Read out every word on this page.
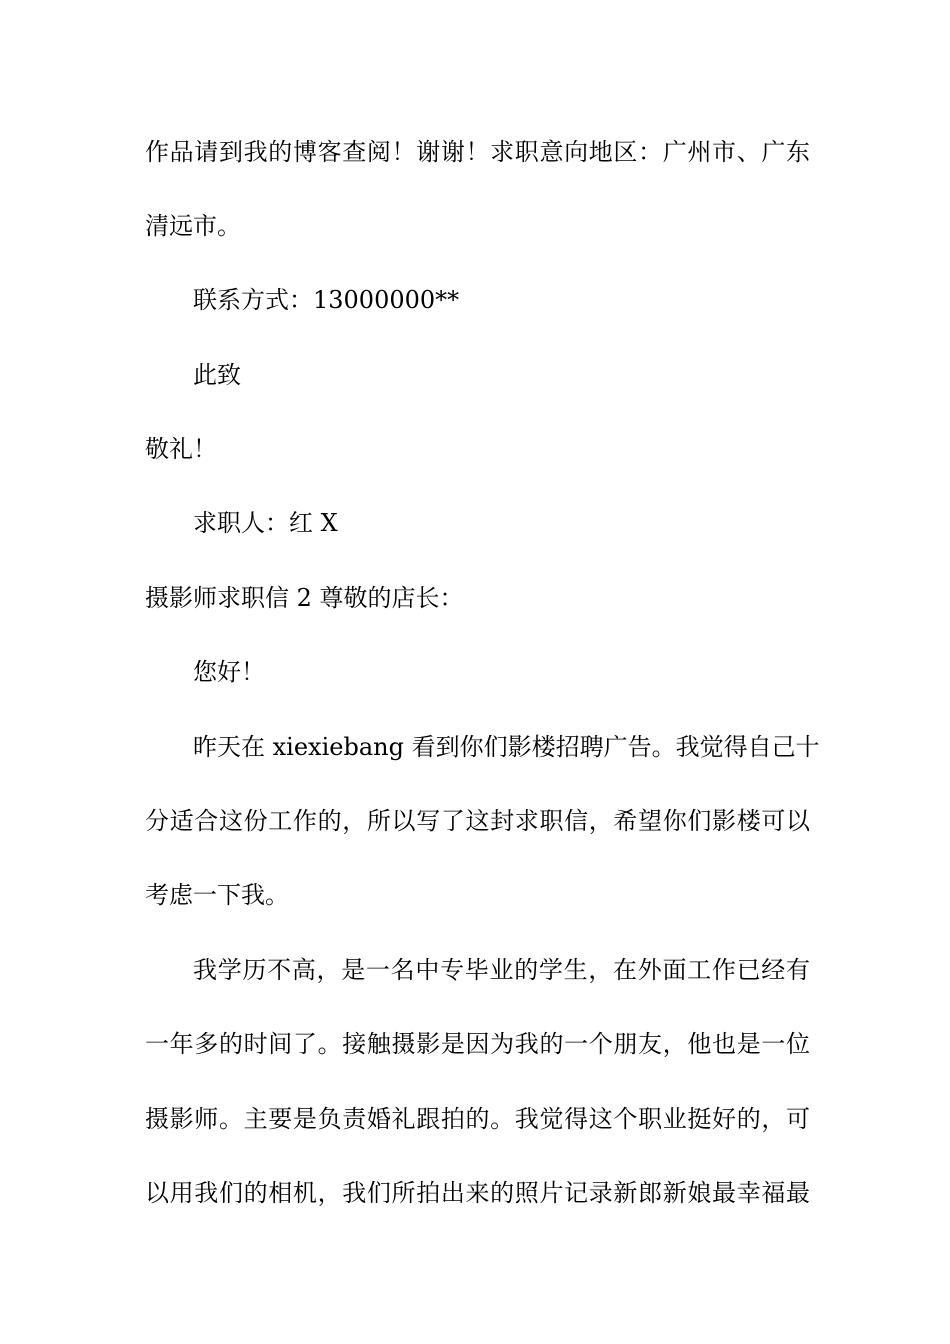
作品请到我的博客查阅！谢谢！求职意向地区：广州市、广东
清远市。
联系方式：13000000**
此致
敬礼！
求职人：红 X
摄影师求职信 2 尊敬的店长：
您好！
昨天在 xiexiebang 看到你们影楼招聘广告。我觉得自己十
分适合这份工作的，所以写了这封求职信，希望你们影楼可以
考虑一下我。
我学历不高，是一名中专毕业的学生，在外面工作已经有
一年多的时间了。接触摄影是因为我的一个朋友，他也是一位
摄影师。主要是负责婚礼跟拍的。我觉得这个职业挺好的，可
以用我们的相机，我们所拍出来的照片记录新郎新娘最幸福最
